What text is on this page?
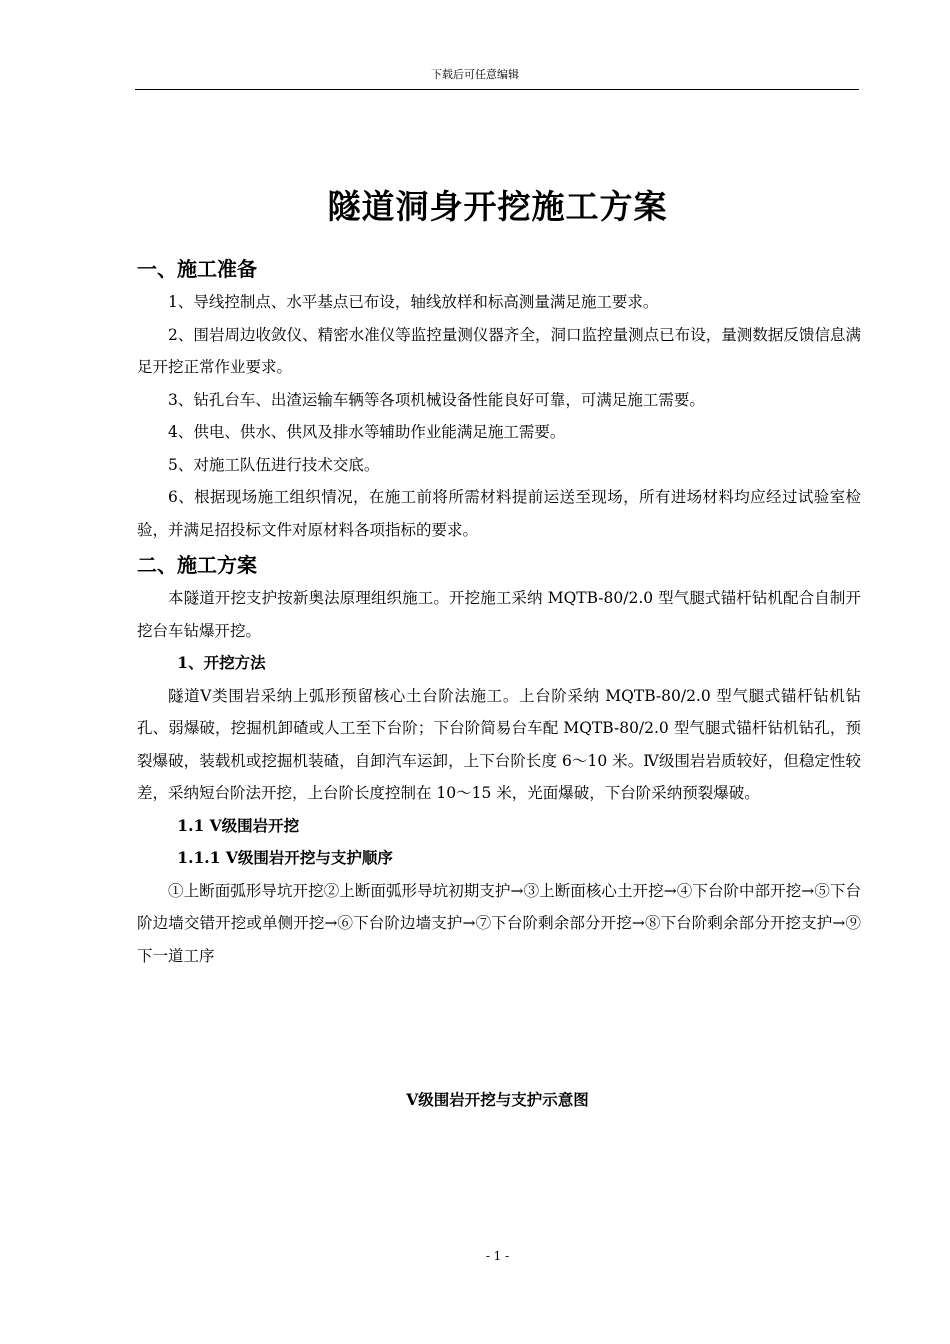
下载后可任意编辑
隧道洞身开挖施工方案

一、施工准备

1、导线控制点、水平基点已布设，轴线放样和标高测量满足施工要求。

2、围岩周边收敛仪、精密水准仪等监控量测仪器齐全，洞口监控量测点已布设，量测数据反馈信息满足开挖正常作业要求。

3、钻孔台车、出渣运输车辆等各项机械设备性能良好可靠，可满足施工需要。

4、供电、供水、供风及排水等辅助作业能满足施工需要。

5、对施工队伍进行技术交底。

6、根据现场施工组织情况，在施工前将所需材料提前运送至现场，所有进场材料均应经过试验室检验，并满足招投标文件对原材料各项指标的要求。

二、施工方案

本隧道开挖支护按新奥法原理组织施工。开挖施工采纳 MQTB-80/2.0 型气腿式锚杆钻机配合自制开挖台车钻爆开挖。

1、开挖方法

隧道Ⅴ类围岩采纳上弧形预留核心土台阶法施工。上台阶采纳 MQTB-80/2.0 型气腿式锚杆钻机钻孔、弱爆破，挖掘机卸碴或人工至下台阶；下台阶简易台车配 MQTB-80/2.0 型气腿式锚杆钻机钻孔，预裂爆破，装载机或挖掘机装碴，自卸汽车运卸，上下台阶长度 6～10 米。Ⅳ级围岩岩质较好，但稳定性较差，采纳短台阶法开挖，上台阶长度控制在 10～15 米，光面爆破，下台阶采纳预裂爆破。

1.1 Ⅴ级围岩开挖

1.1.1 Ⅴ级围岩开挖与支护顺序

①上断面弧形导坑开挖②上断面弧形导坑初期支护→③上断面核心土开挖→④下台阶中部开挖→⑤下台阶边墙交错开挖或单侧开挖→⑥下台阶边墙支护→⑦下台阶剩余部分开挖→⑧下台阶剩余部分开挖支护→⑨下一道工序

Ⅴ级围岩开挖与支护示意图
- 1 -
